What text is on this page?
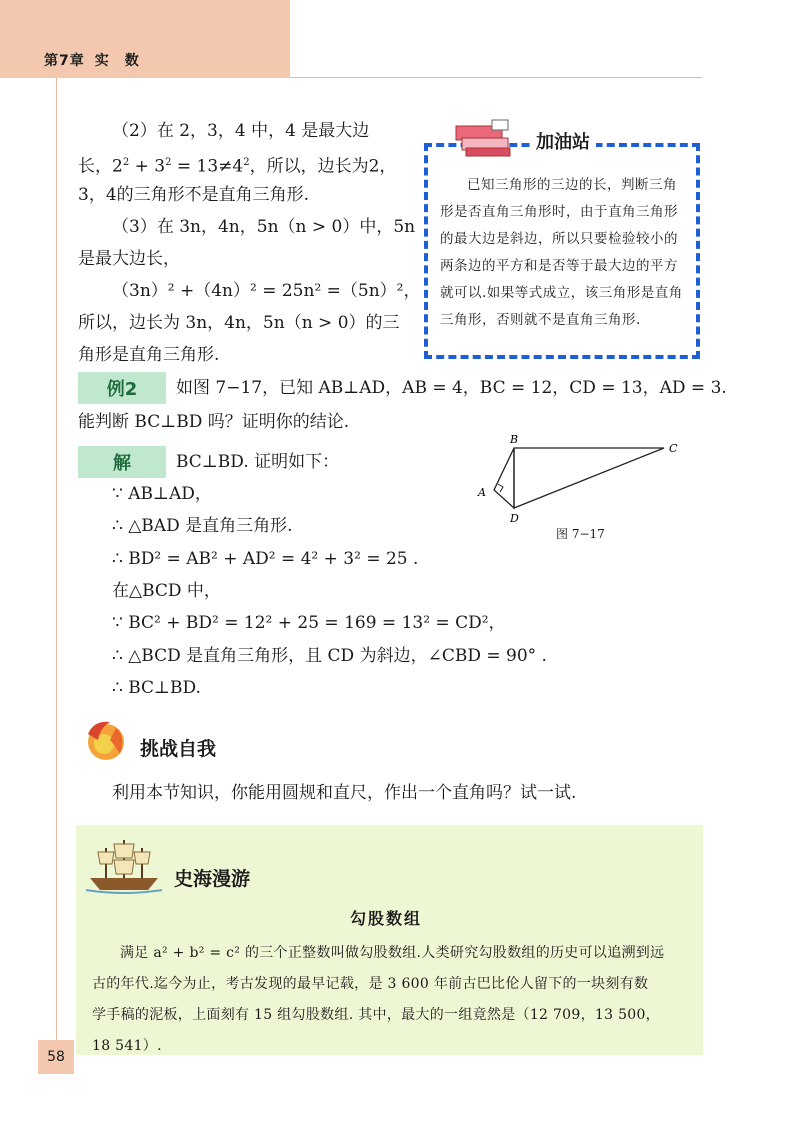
第7章 实　数
（2）在 2，3，4 中，4 是最大边
长，$2^2 + 3^2 = 13\ne 4^2$，所以，边长为2，
3，4的三角形不是直角三角形.
（3）在 3n，4n，5n（n > 0）中，5n
是最大边长，
（3n）² +（4n）² = 25n² =（5n）²，
所以，边长为 3n，4n，5n（n > 0）的三
角形是直角三角形.
加油站
已知三角形的三边的长，判断三角形是否直角三角形时，由于直角三角形的最大边是斜边，所以只要检验较小的两条边的平方和是否等于最大边的平方就可以.如果等式成立，该三角形是直角三角形，否则就不是直角三角形.
例2	如图 7−17，已知 AB⊥AD，AB = 4，BC = 12，CD = 13，AD = 3.
能判断 BC⊥BD 吗？证明你的结论.
解	BC⊥BD. 证明如下：
∵ AB⊥AD，
∴ △BAD 是直角三角形.
∴ BD² = AB² + AD² = 4² + 3² = 25 .
在△BCD 中，
∵ BC² + BD² = 12² + 25 = 169 = 13² = CD²，
∴ △BCD 是直角三角形，且 CD 为斜边，∠CBD = 90° .
∴ BC⊥BD.
B
C
A
D
图 7−17
挑战自我
利用本节知识，你能用圆规和直尺，作出一个直角吗？试一试.
史海漫游
勾股数组
满足 a² + b² = c² 的三个正整数叫做勾股数组.人类研究勾股数组的历史可以追溯到远
古的年代.迄今为止，考古发现的最早记载，是 3 600 年前古巴比伦人留下的一块刻有数
学手稿的泥板，上面刻有 15 组勾股数组. 其中，最大的一组竟然是（12 709，13 500，
18 541）.
58
